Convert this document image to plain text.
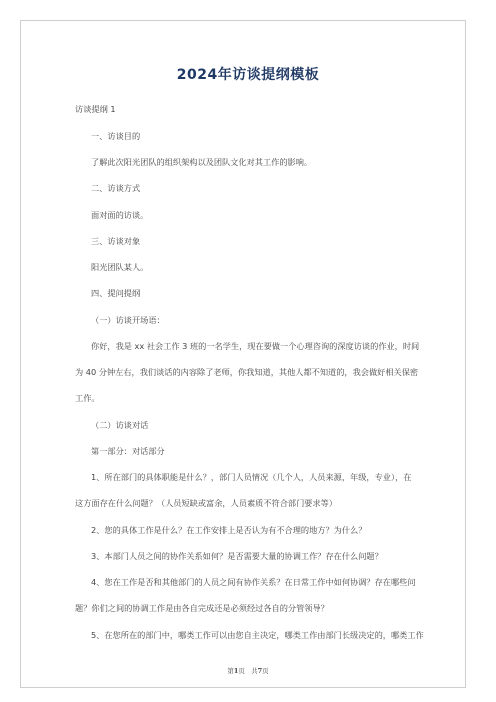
2024年访谈提纲模板
访谈提纲 1
一、访谈目的
了解此次阳光团队的组织架构以及团队文化对其工作的影响。
二、访谈方式
面对面的访谈。
三、访谈对象
阳光团队某人。
四、提问提纲
（一）访谈开场语：
你好，我是 xx 社会工作 3 班的一名学生，现在要做一个心理咨询的深度访谈的作业，时间
为 40 分钟左右，我们谈话的内容除了老师，你我知道，其他人都不知道的，我会做好相关保密
工作。
（二）访谈对话
第一部分：对话部分
1、所在部门的具体职能是什么？，部门人员情况（几个人，人员来源，年级，专业），在
这方面存在什么问题？（人员短缺或富余，人员素质不符合部门要求等）
2、您的具体工作是什么？在工作安排上是否认为有不合理的地方？为什么？
3、本部门人员之间的协作关系如何？是否需要大量的协调工作？存在什么问题？
4、您在工作是否和其他部门的人员之间有协作关系？在日常工作中如何协调？存在哪些问
题？你们之间的协调工作是由各自完成还是必须经过各自的分管领导？
5、在您所在的部门中，哪类工作可以由您自主决定，哪类工作由部门长级决定的，哪类工作
第1页 共7页
